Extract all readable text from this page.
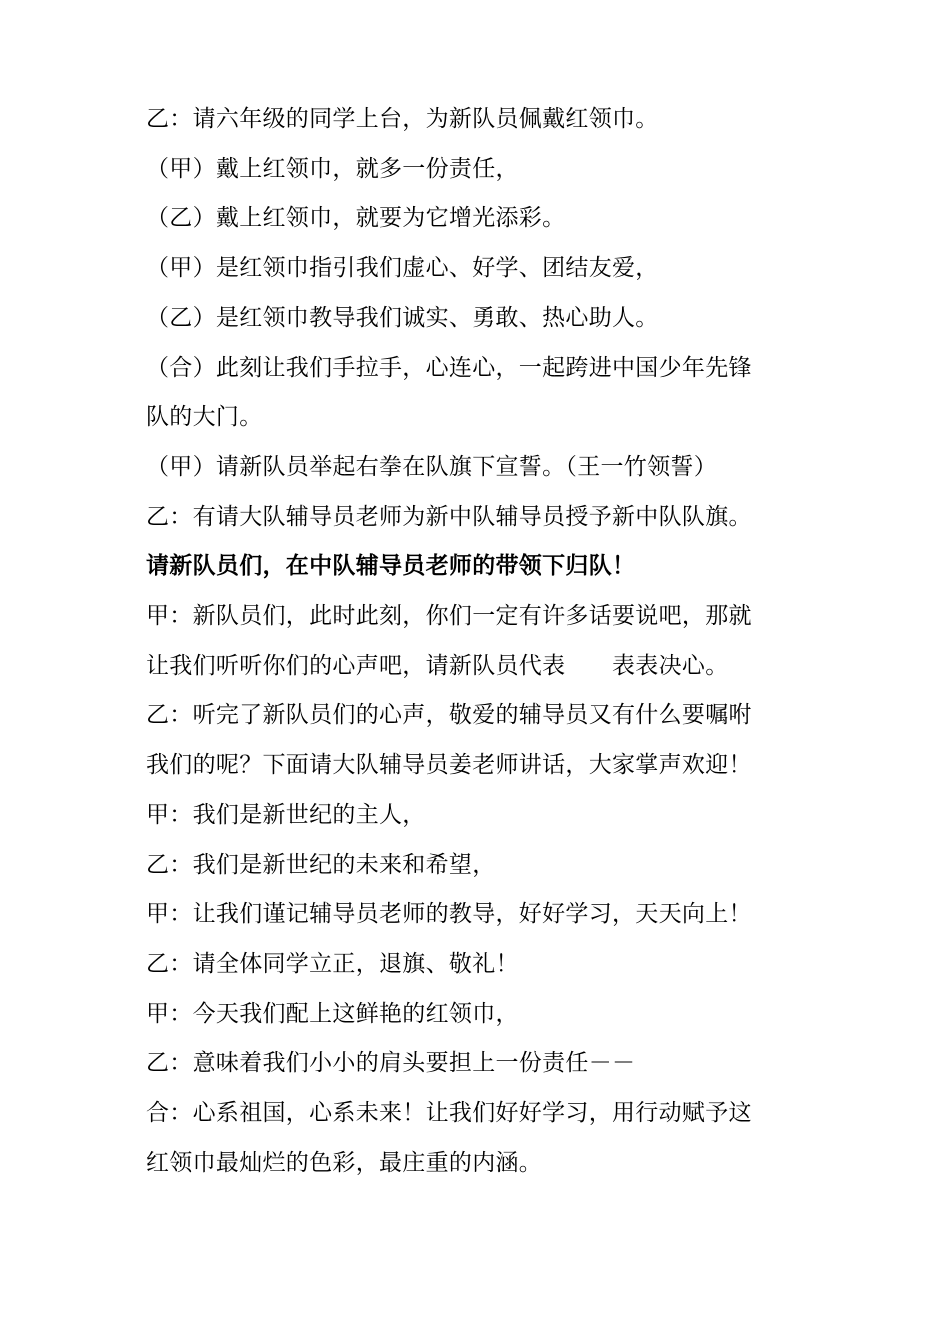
乙：请六年级的同学上台，为新队员佩戴红领巾。
（甲）戴上红领巾，就多一份责任，
（乙）戴上红领巾，就要为它增光添彩。
（甲）是红领巾指引我们虚心、好学、团结友爱，
（乙）是红领巾教导我们诚实、勇敢、热心助人。
（合）此刻让我们手拉手，心连心，一起跨进中国少年先锋
队的大门。
（甲）请新队员举起右拳在队旗下宣誓。（王一竹领誓）
乙：有请大队辅导员老师为新中队辅导员授予新中队队旗。
请新队员们，在中队辅导员老师的带领下归队！
甲：新队员们，此时此刻，你们一定有许多话要说吧，那就
让我们听听你们的心声吧，请新队员代表　　表表决心。
乙：听完了新队员们的心声，敬爱的辅导员又有什么要嘱咐
我们的呢？下面请大队辅导员姜老师讲话，大家掌声欢迎！
甲：我们是新世纪的主人，
乙：我们是新世纪的未来和希望，
甲：让我们谨记辅导员老师的教导，好好学习，天天向上！
乙：请全体同学立正，退旗、敬礼！
甲：今天我们配上这鲜艳的红领巾，
乙：意味着我们小小的肩头要担上一份责任－－
合：心系祖国，心系未来！让我们好好学习，用行动赋予这
红领巾最灿烂的色彩，最庄重的内涵。
